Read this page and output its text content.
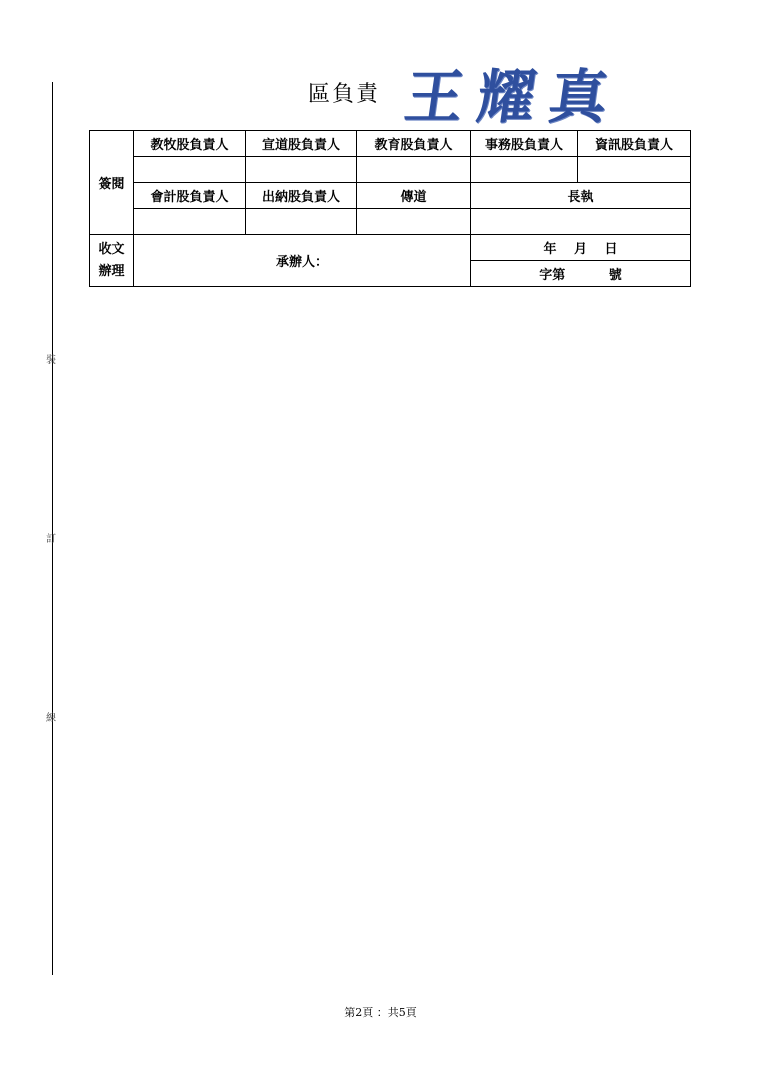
裝
訂
線
區負責 王耀真
簽閱	教牧股負責人	宣道股負責人	教育股負責人	事務股負責人	資訊股負責人

	會計股負責人	出納股負責人	傳道	長執	

收文辦理	承辦人：			年　 月　 日	
				字第　　　 號	
第2頁 ：共5頁
